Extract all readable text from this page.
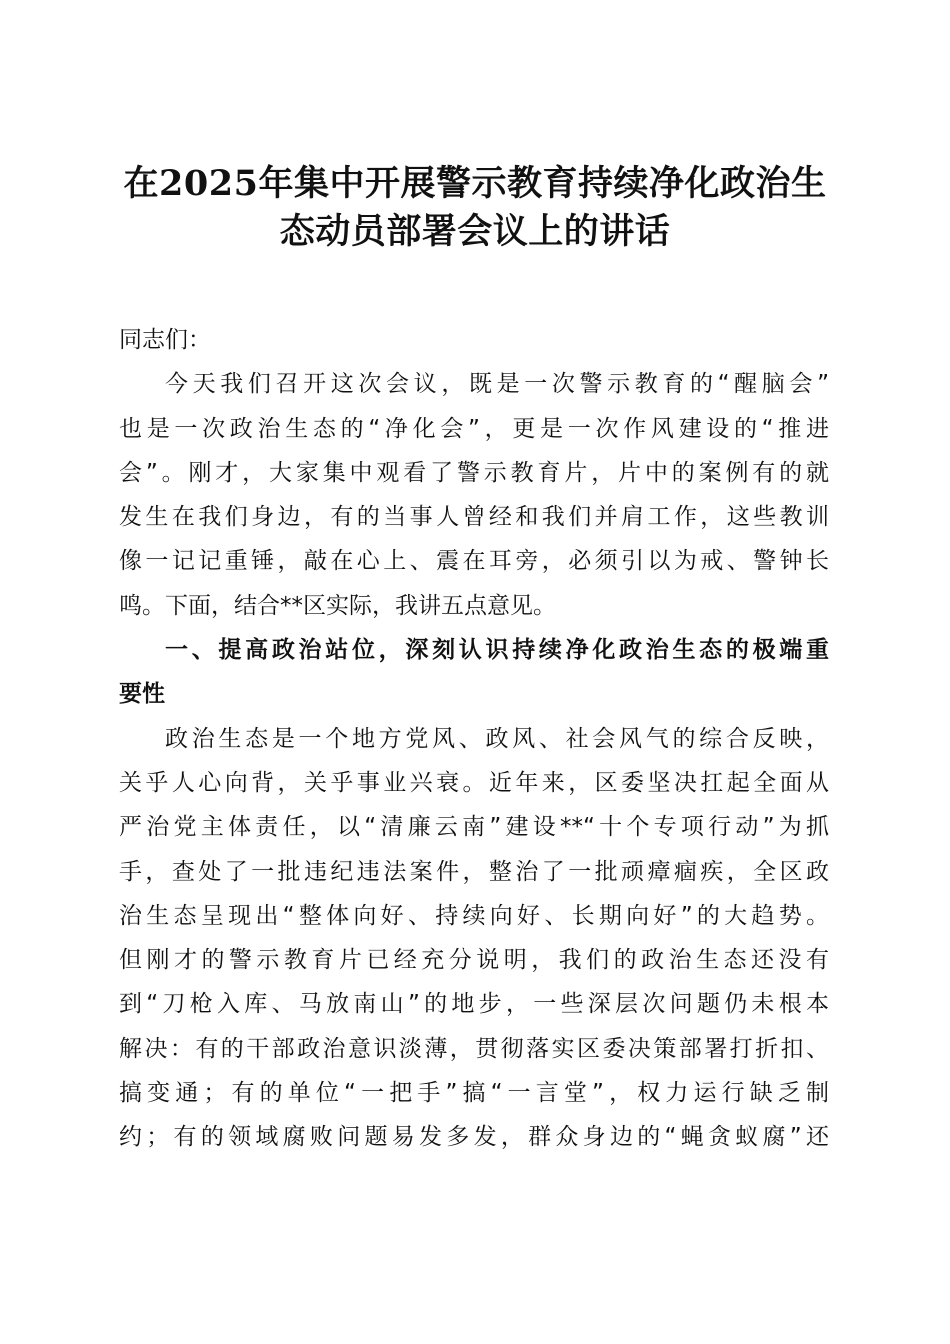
在2025年集中开展警示教育持续净化政治生
态动员部署会议上的讲话
同志们：
今天我们召开这次会议，既是一次警示教育的“醒脑会”
也是一次政治生态的“净化会”，更是一次作风建设的“推进
会”。刚才，大家集中观看了警示教育片，片中的案例有的就
发生在我们身边，有的当事人曾经和我们并肩工作，这些教训
像一记记重锤，敲在心上、震在耳旁，必须引以为戒、警钟长
鸣。下面，结合**区实际，我讲五点意见。
一、提高政治站位，深刻认识持续净化政治生态的极端重
要性
政治生态是一个地方党风、政风、社会风气的综合反映，
关乎人心向背，关乎事业兴衰。近年来，区委坚决扛起全面从
严治党主体责任，以“清廉云南”建设**“十个专项行动”为抓
手，查处了一批违纪违法案件，整治了一批顽瘴痼疾，全区政
治生态呈现出“整体向好、持续向好、长期向好”的大趋势。
但刚才的警示教育片已经充分说明，我们的政治生态还没有
到“刀枪入库、马放南山”的地步，一些深层次问题仍未根本
解决：有的干部政治意识淡薄，贯彻落实区委决策部署打折扣、
搞变通；有的单位“一把手”搞“一言堂”，权力运行缺乏制
约；有的领域腐败问题易发多发，群众身边的“蝇贪蚁腐”还
